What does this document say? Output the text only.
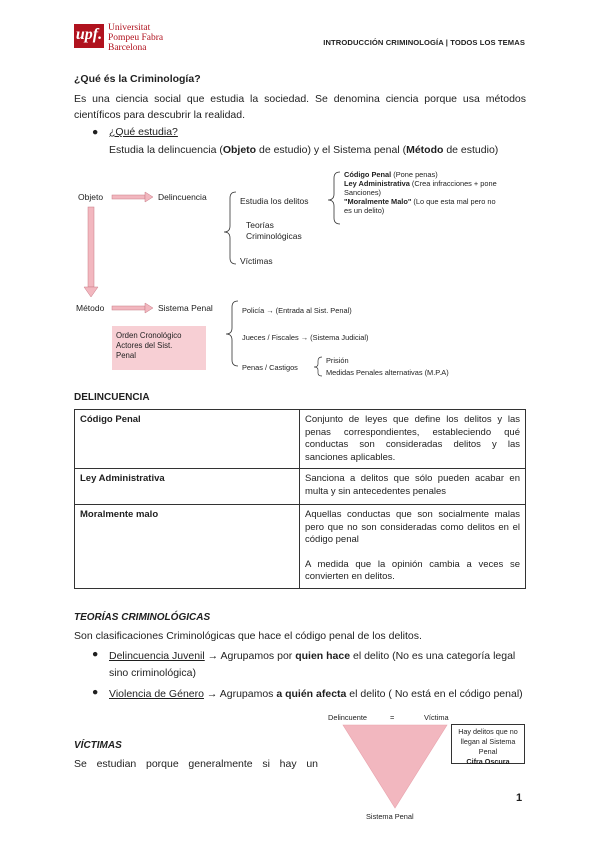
upf. Universitat
Pompeu Fabra
Barcelona
INTRODUCCIÓN CRIMINOLOGÍA | TODOS LOS TEMAS
¿Qué és la Criminología?
Es una ciencia social que estudia la sociedad. Se denomina ciencia porque usa métodos científicos para descubrir la realidad.
● ¿Qué estudia?
Estudia la delincuencia (Objeto de estudio) y el Sistema penal (Método de estudio)
Objeto	Delincuencia	Estudia los delitos
Teorías
Criminológicas
Víctimas
Código Penal (Pone penas)
Ley Administrativa (Crea infracciones + pone
Sanciones)
"Moralmente Malo" (Lo que esta mal pero no
es un delito)
Método	Sistema Penal	Policía → (Entrada al Sist. Penal)
Jueces / Fiscales → (Sistema Judicial)
Penas / Castigos
Prisión
Medidas Penales alternativas (M.P.A)
Orden Cronológico
Actores del Sist.
Penal
DELINCUENCIA
Código Penal	Conjunto de leyes que define los delitos y las penas correspondientes, estableciendo qué conductas son consideradas delitos y las sanciones aplicables.
Ley Administrativa	Sanciona a delitos que sólo pueden acabar en multa y sin antecedentes penales
Moralmente malo	Aquellas conductas que son socialmente malas pero que no son consideradas como delitos en el código penal
A medida que la opinión cambia a veces se convierten en delitos.
TEORÍAS CRIMINOLÓGICAS
Son clasificaciones Criminológicas que hace el código penal de los delitos.
● Delincuencia Juvenil → Agrupamos por quien hace el delito (No es una categoría legal sino criminológica)
● Violencia de Género → Agrupamos a quién afecta el delito ( No está en el código penal)
VÍCTIMAS
Se estudian porque generalmente si hay un
Delincuente	=	Víctima
Sistema Penal
Hay delitos que no
llegan al Sistema Penal
Cifra Oscura
1
